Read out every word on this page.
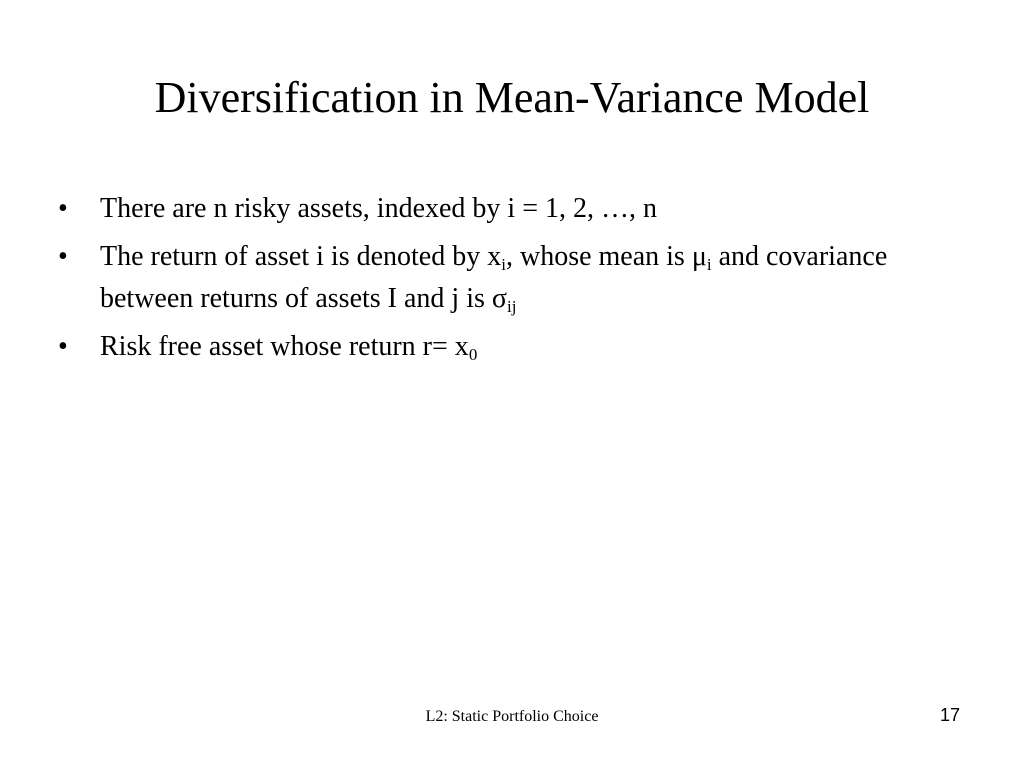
Diversification in Mean-Variance Model
•	There are n risky assets, indexed by i = 1, 2, …, n
•	The return of asset i is denoted by $x_i$, whose mean is $\mu_i$ and covariance between returns of assets I and j is $\sigma_{ij}$
•	Risk free asset whose return $r= x_0$
L2: Static Portfolio Choice	17
